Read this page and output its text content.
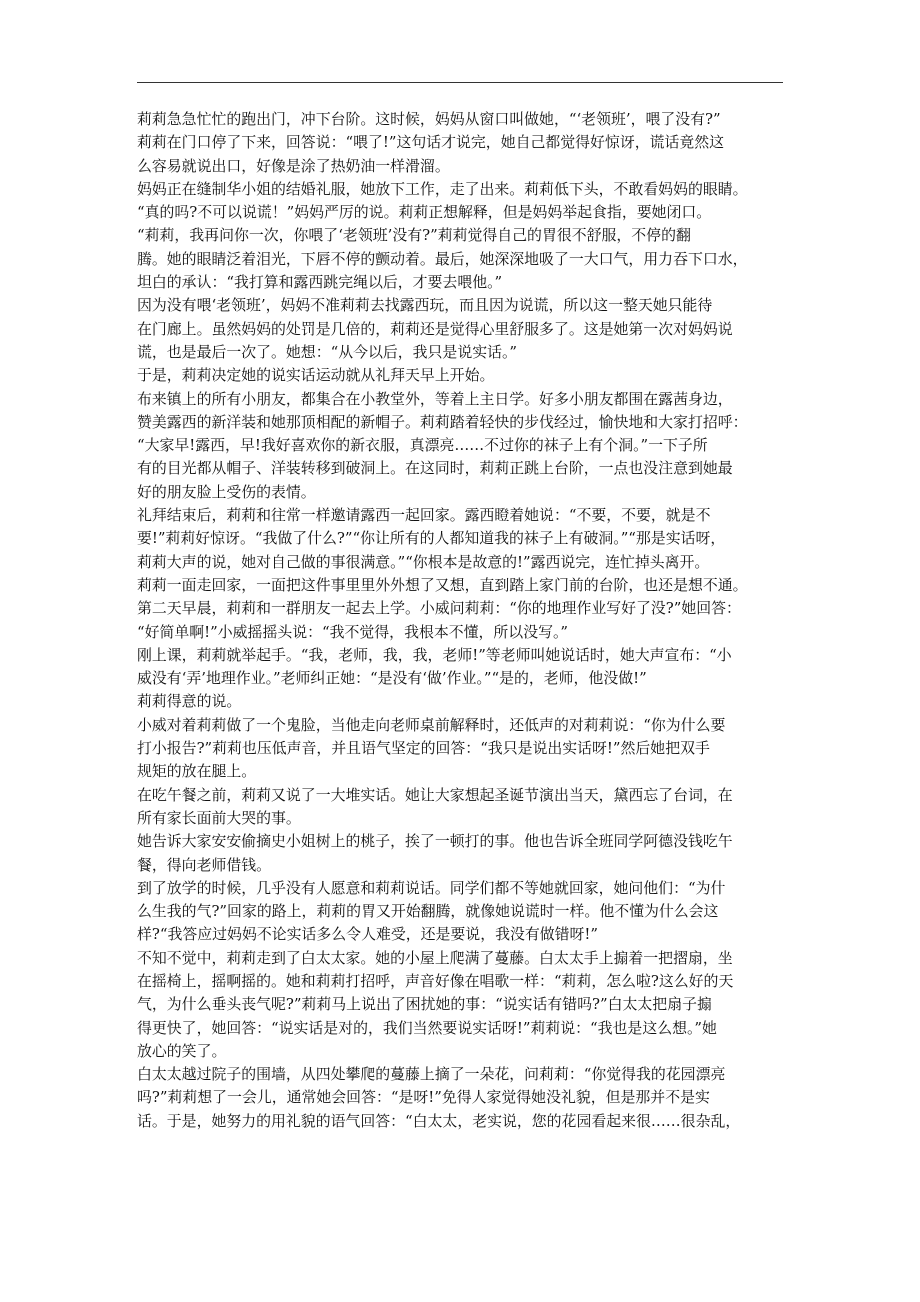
莉莉急急忙忙的跑出门，冲下台阶。这时候，妈妈从窗口叫做她，“‘老领班’，喂了没有?”
莉莉在门口停了下来，回答说：“喂了!”这句话才说完，她自己都觉得好惊讶，谎话竟然这
么容易就说出口，好像是涂了热奶油一样滑溜。
妈妈正在缝制华小姐的结婚礼服，她放下工作，走了出来。莉莉低下头，不敢看妈妈的眼睛。
“真的吗?不可以说谎！”妈妈严厉的说。莉莉正想解释，但是妈妈举起食指，要她闭口。
“莉莉，我再问你一次，你喂了‘老领班’没有?”莉莉觉得自己的胃很不舒服，不停的翻
腾。她的眼睛泛着泪光，下唇不停的颤动着。最后，她深深地吸了一大口气，用力吞下口水，
坦白的承认：“我打算和露西跳完绳以后，才要去喂他。”
因为没有喂‘老领班’，妈妈不准莉莉去找露西玩，而且因为说谎，所以这一整天她只能待
在门廊上。虽然妈妈的处罚是几倍的，莉莉还是觉得心里舒服多了。这是她第一次对妈妈说
谎，也是最后一次了。她想：“从今以后，我只是说实话。”
于是，莉莉决定她的说实话运动就从礼拜天早上开始。
布来镇上的所有小朋友，都集合在小教堂外，等着上主日学。好多小朋友都围在露茜身边，
赞美露西的新洋装和她那顶相配的新帽子。莉莉踏着轻快的步伐经过，愉快地和大家打招呼：
“大家早!露西，早!我好喜欢你的新衣服，真漂亮……不过你的袜子上有个洞。”一下子所
有的目光都从帽子、洋装转移到破洞上。在这同时，莉莉正跳上台阶，一点也没注意到她最
好的朋友脸上受伤的表情。
礼拜结束后，莉莉和往常一样邀请露西一起回家。露西瞪着她说：“不要，不要，就是不
要!”莉莉好惊讶。“我做了什么?”“你让所有的人都知道我的袜子上有破洞。”“那是实话呀，
莉莉大声的说，她对自己做的事很满意。”“你根本是故意的!”露西说完，连忙掉头离开。
莉莉一面走回家，一面把这件事里里外外想了又想，直到踏上家门前的台阶，也还是想不通。
第二天早晨，莉莉和一群朋友一起去上学。小威问莉莉：“你的地理作业写好了没?”她回答：
“好简单啊!”小威摇摇头说：“我不觉得，我根本不懂，所以没写。”
刚上课，莉莉就举起手。“我，老师，我，我，老师!”等老师叫她说话时，她大声宣布：“小
威没有‘弄’地理作业。”老师纠正她：“是没有‘做’作业。”“是的，老师，他没做!”
莉莉得意的说。
小威对着莉莉做了一个鬼脸，当他走向老师桌前解释时，还低声的对莉莉说：“你为什么要
打小报告?”莉莉也压低声音，并且语气坚定的回答：“我只是说出实话呀!”然后她把双手
规矩的放在腿上。
在吃午餐之前，莉莉又说了一大堆实话。她让大家想起圣诞节演出当天，黛西忘了台词，在
所有家长面前大哭的事。
她告诉大家安安偷摘史小姐树上的桃子，挨了一顿打的事。他也告诉全班同学阿德没钱吃午
餐，得向老师借钱。
到了放学的时候，几乎没有人愿意和莉莉说话。同学们都不等她就回家，她问他们：“为什
么生我的气?”回家的路上，莉莉的胃又开始翻腾，就像她说谎时一样。他不懂为什么会这
样?“我答应过妈妈不论实话多么令人难受，还是要说，我没有做错呀!”
不知不觉中，莉莉走到了白太太家。她的小屋上爬满了蔓藤。白太太手上搧着一把摺扇，坐
在摇椅上，摇啊摇的。她和莉莉打招呼，声音好像在唱歌一样：“莉莉，怎么啦?这么好的天
气，为什么垂头丧气呢?”莉莉马上说出了困扰她的事：“说实话有错吗?”白太太把扇子搧
得更快了，她回答：“说实话是对的，我们当然要说实话呀!”莉莉说：“我也是这么想。”她
放心的笑了。
白太太越过院子的围墙，从四处攀爬的蔓藤上摘了一朵花，问莉莉：“你觉得我的花园漂亮
吗?”莉莉想了一会儿，通常她会回答：“是呀!”免得人家觉得她没礼貌，但是那并不是实
话。于是，她努力的用礼貌的语气回答：“白太太，老实说，您的花园看起来很……很杂乱，
